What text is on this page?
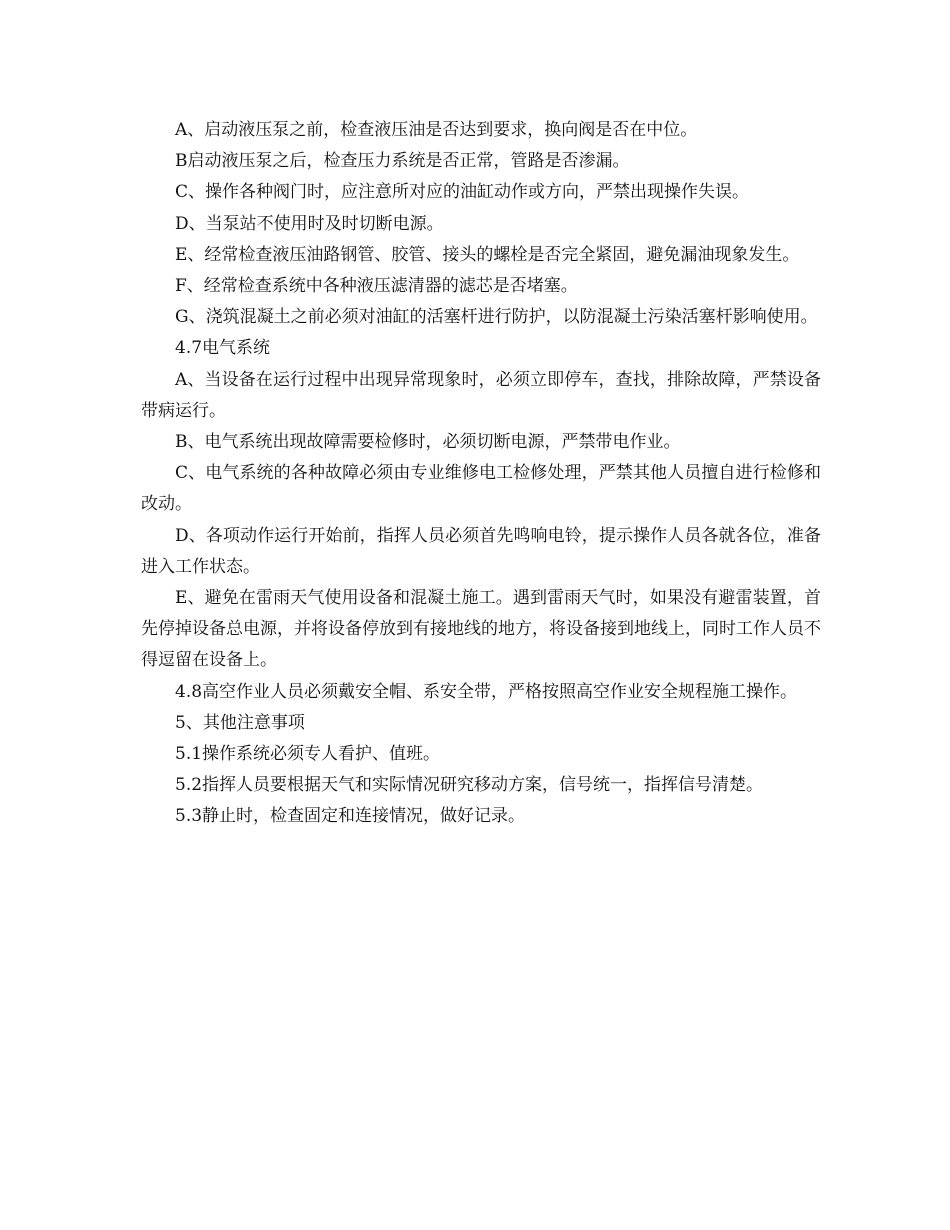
A、启动液压泵之前，检查液压油是否达到要求，换向阀是否在中位。

B启动液压泵之后，检查压力系统是否正常，管路是否渗漏。

C、操作各种阀门时，应注意所对应的油缸动作或方向，严禁出现操作失误。

D、当泵站不使用时及时切断电源。

E、经常检查液压油路钢管、胶管、接头的螺栓是否完全紧固，避免漏油现象发生。

F、经常检查系统中各种液压滤清器的滤芯是否堵塞。

G、浇筑混凝土之前必须对油缸的活塞杆进行防护，以防混凝土污染活塞杆影响使用。

4.7电气系统

A、当设备在运行过程中出现异常现象时，必须立即停车，查找，排除故障，严禁设备带病运行。

B、电气系统出现故障需要检修时，必须切断电源，严禁带电作业。

C、电气系统的各种故障必须由专业维修电工检修处理，严禁其他人员擅自进行检修和改动。

D、各项动作运行开始前，指挥人员必须首先鸣响电铃，提示操作人员各就各位，准备进入工作状态。

E、避免在雷雨天气使用设备和混凝土施工。遇到雷雨天气时，如果没有避雷装置，首先停掉设备总电源，并将设备停放到有接地线的地方，将设备接到地线上，同时工作人员不得逗留在设备上。

4.8高空作业人员必须戴安全帽、系安全带，严格按照高空作业安全规程施工操作。

5、其他注意事项

5.1操作系统必须专人看护、值班。

5.2指挥人员要根据天气和实际情况研究移动方案，信号统一，指挥信号清楚。

5.3静止时，检查固定和连接情况，做好记录。
